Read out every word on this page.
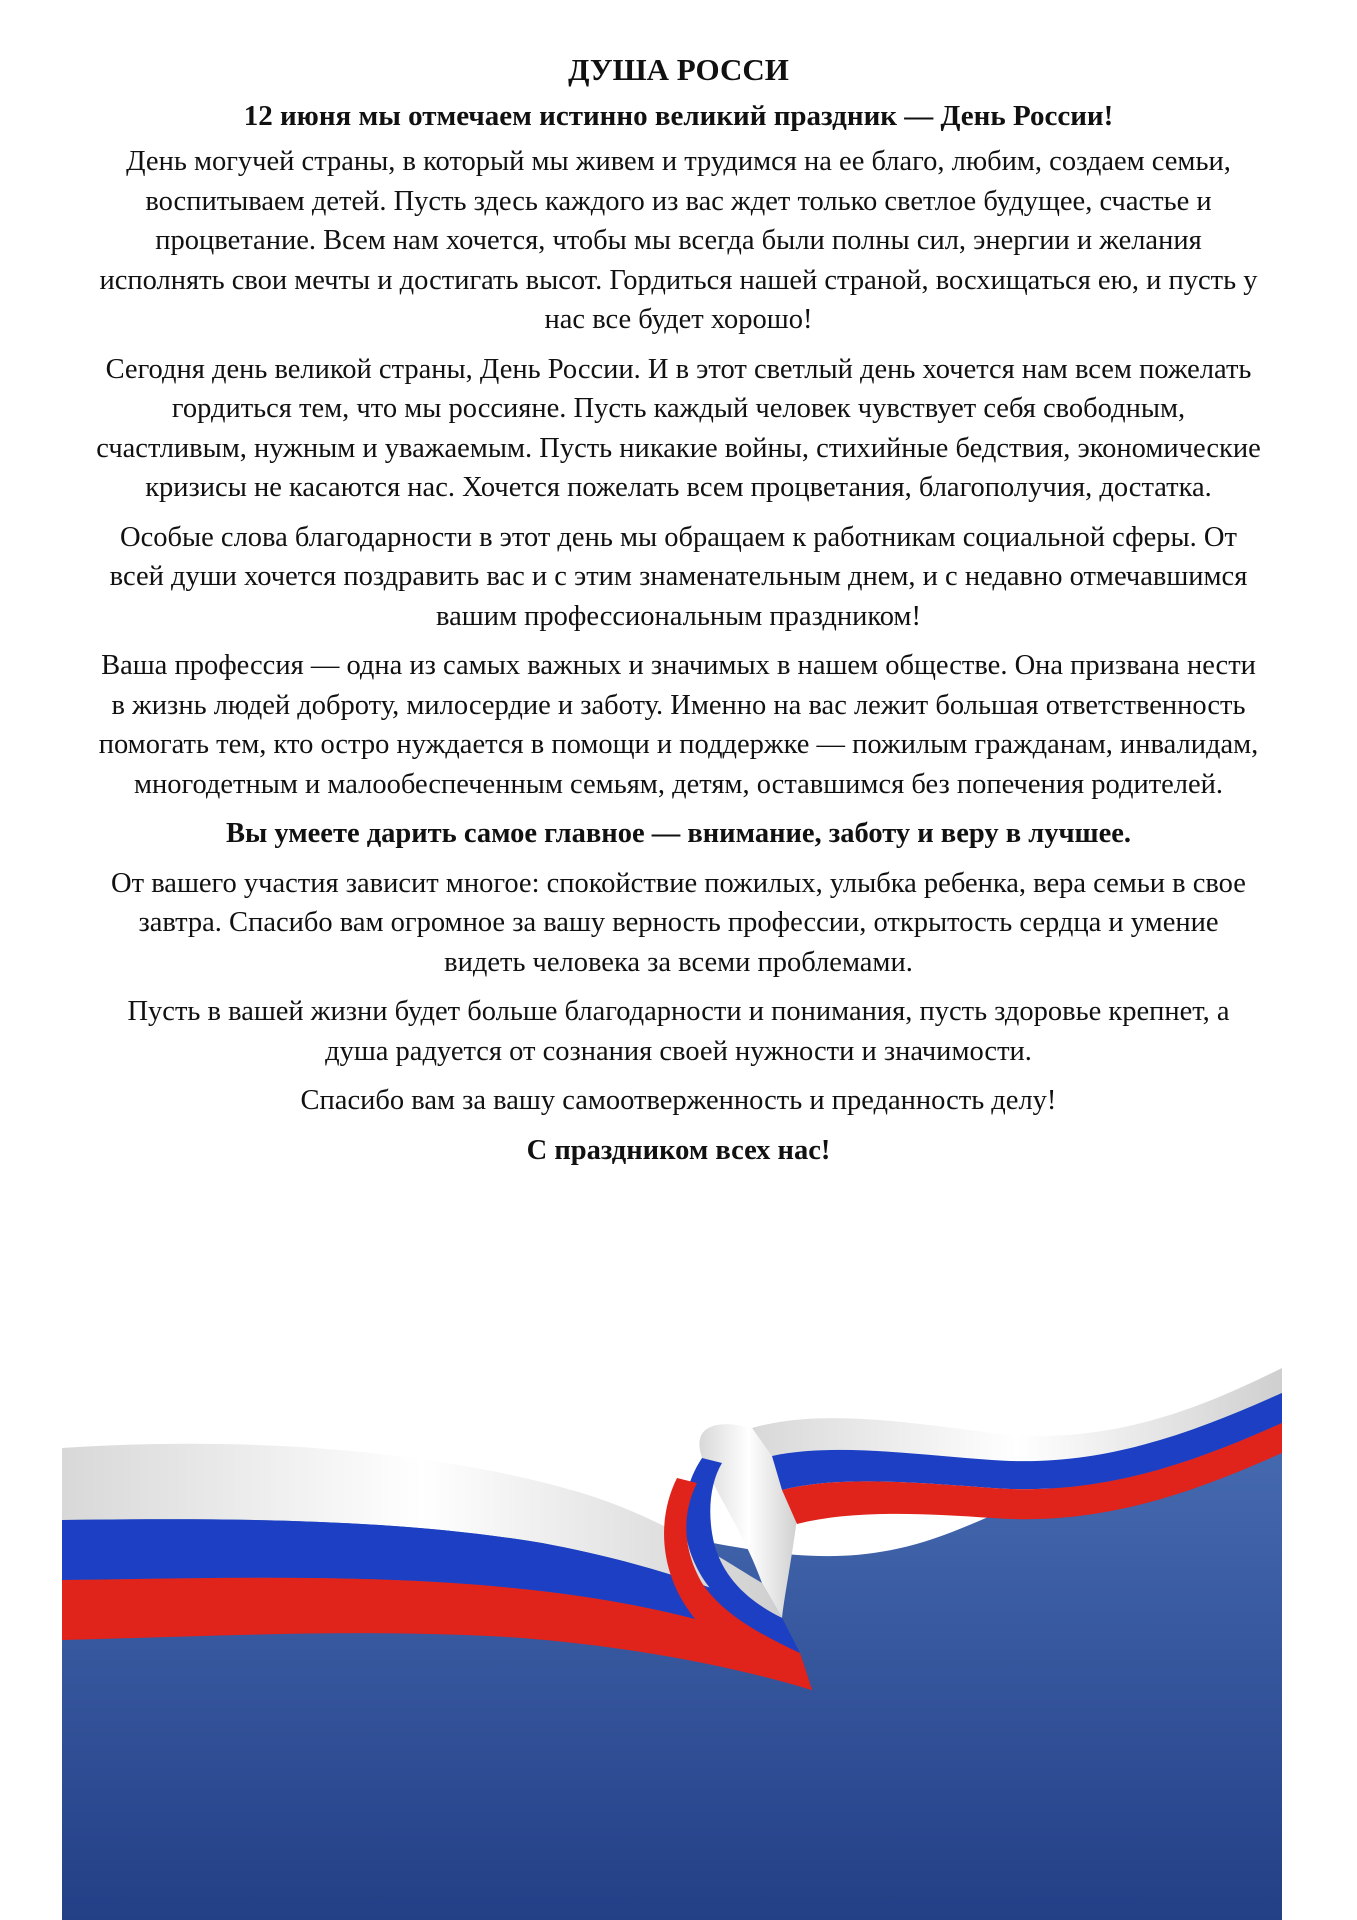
ДУША РОССИ
12 июня мы отмечаем истинно великий праздник — День России!

День могучей страны, в который мы живем и трудимся на ее благо, любим, создаем семьи, воспитываем детей. Пусть здесь каждого из вас ждет только светлое будущее, счастье и процветание. Всем нам хочется, чтобы мы всегда были полны сил, энергии и желания исполнять свои мечты и достигать высот. Гордиться нашей страной, восхищаться ею, и пусть у нас все будет хорошо!

Сегодня день великой страны, День России. И в этот светлый день хочется нам всем пожелать гордиться тем, что мы россияне. Пусть каждый человек чувствует себя свободным, счастливым, нужным и уважаемым. Пусть никакие войны, стихийные бедствия, экономические кризисы не касаются нас. Хочется пожелать всем процветания, благополучия, достатка.

Особые слова благодарности в этот день мы обращаем к работникам социальной сферы. От всей души хочется поздравить вас и с этим знаменательным днем, и с недавно отмечавшимся вашим профессиональным праздником!

Ваша профессия — одна из самых важных и значимых в нашем обществе. Она призвана нести в жизнь людей доброту, милосердие и заботу. Именно на вас лежит большая ответственность помогать тем, кто остро нуждается в помощи и поддержке — пожилым гражданам, инвалидам, многодетным и малообеспеченным семьям, детям, оставшимся без попечения родителей.

Вы умеете дарить самое главное — внимание, заботу и веру в лучшее.

От вашего участия зависит многое: спокойствие пожилых, улыбка ребенка, вера семьи в свое завтра. Спасибо вам огромное за вашу верность профессии, открытость сердца и умение видеть человека за всеми проблемами.

Пусть в вашей жизни будет больше благодарности и понимания, пусть здоровье крепнет, а душа радуется от сознания своей нужности и значимости.

Спасибо вам за вашу самоотверженность и преданность делу!

С праздником всех нас!
